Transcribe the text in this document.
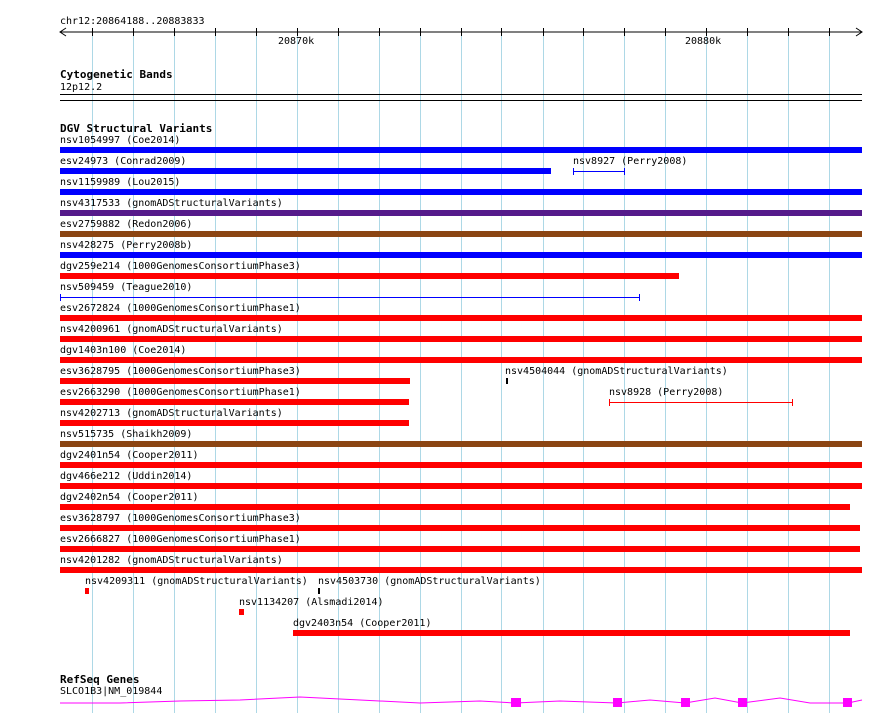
chr12:20864188..20883833
20870k	20880k
Cytogenetic Bands
12p12.2
DGV Structural Variants
nsv1054997 (Coe2014)
esv24973 (Conrad2009)	nsv8927 (Perry2008)
nsv1159989 (Lou2015)
nsv4317533 (gnomADStructuralVariants)
esv2759882 (Redon2006)
nsv428275 (Perry2008b)
dgv259e214 (1000GenomesConsortiumPhase3)
nsv509459 (Teague2010)
esv2672824 (1000GenomesConsortiumPhase1)
nsv4200961 (gnomADStructuralVariants)
dgv1403n100 (Coe2014)
esv3628795 (1000GenomesConsortiumPhase3)	nsv4504044 (gnomADStructuralVariants)
esv2663290 (1000GenomesConsortiumPhase1)	nsv8928 (Perry2008)
nsv4202713 (gnomADStructuralVariants)
nsv515735 (Shaikh2009)
dgv2401n54 (Cooper2011)
dgv466e212 (Uddin2014)
dgv2402n54 (Cooper2011)
esv3628797 (1000GenomesConsortiumPhase3)
esv2666827 (1000GenomesConsortiumPhase1)
nsv4201282 (gnomADStructuralVariants)
nsv4209311 (gnomADStructuralVariants) nsv4503730 (gnomADStructuralVariants)
nsv1134207 (Alsmadi2014)
dgv2403n54 (Cooper2011)
RefSeq Genes
SLCO1B3|NM_019844
